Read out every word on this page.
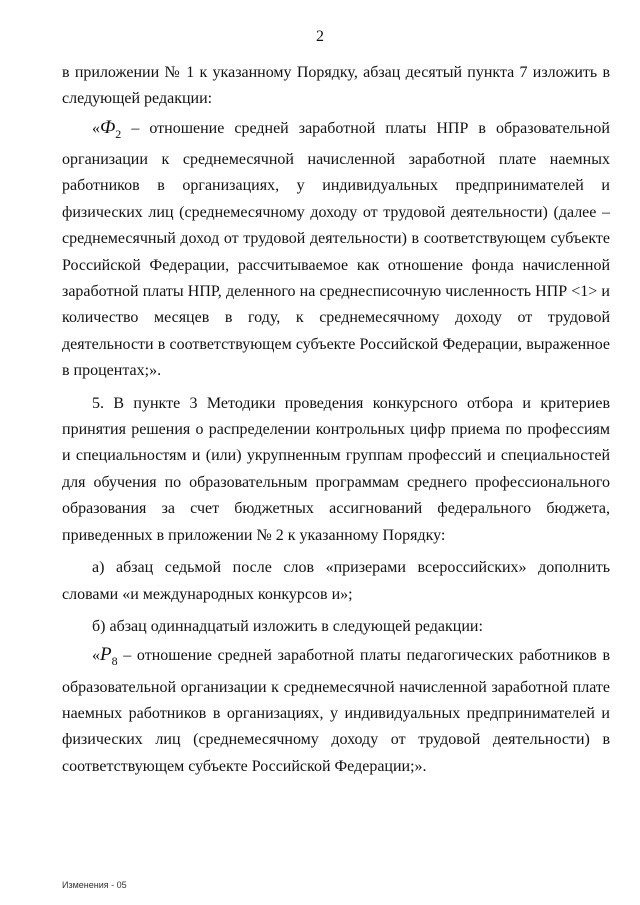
2

в приложении № 1 к указанному Порядку, абзац десятый пункта 7 изложить в следующей редакции:

«$Ф_2$ – отношение средней заработной платы НПР в образовательной организации к среднемесячной начисленной заработной плате наемных работников в организациях, у индивидуальных предпринимателей и физических лиц (среднемесячному доходу от трудовой деятельности) (далее – среднемесячный доход от трудовой деятельности) в соответствующем субъекте Российской Федерации, рассчитываемое как отношение фонда начисленной заработной платы НПР, деленного на среднесписочную численность НПР <1> и количество месяцев в году, к среднемесячному доходу от трудовой деятельности в соответствующем субъекте Российской Федерации, выраженное в процентах;».

5. В пункте 3 Методики проведения конкурсного отбора и критериев принятия решения о распределении контрольных цифр приема по профессиям и специальностям и (или) укрупненным группам профессий и специальностей для обучения по образовательным программам среднего профессионального образования за счет бюджетных ассигнований федерального бюджета, приведенных в приложении № 2 к указанному Порядку:

а) абзац седьмой после слов «призерами всероссийских» дополнить словами «и международных конкурсов и»;

б) абзац одиннадцатый изложить в следующей редакции:

«$P_8$ – отношение средней заработной платы педагогических работников в образовательной организации к среднемесячной начисленной заработной плате наемных работников в организациях, у индивидуальных предпринимателей и физических лиц (среднемесячному доходу от трудовой деятельности) в соответствующем субъекте Российской Федерации;».

Изменения - 05
